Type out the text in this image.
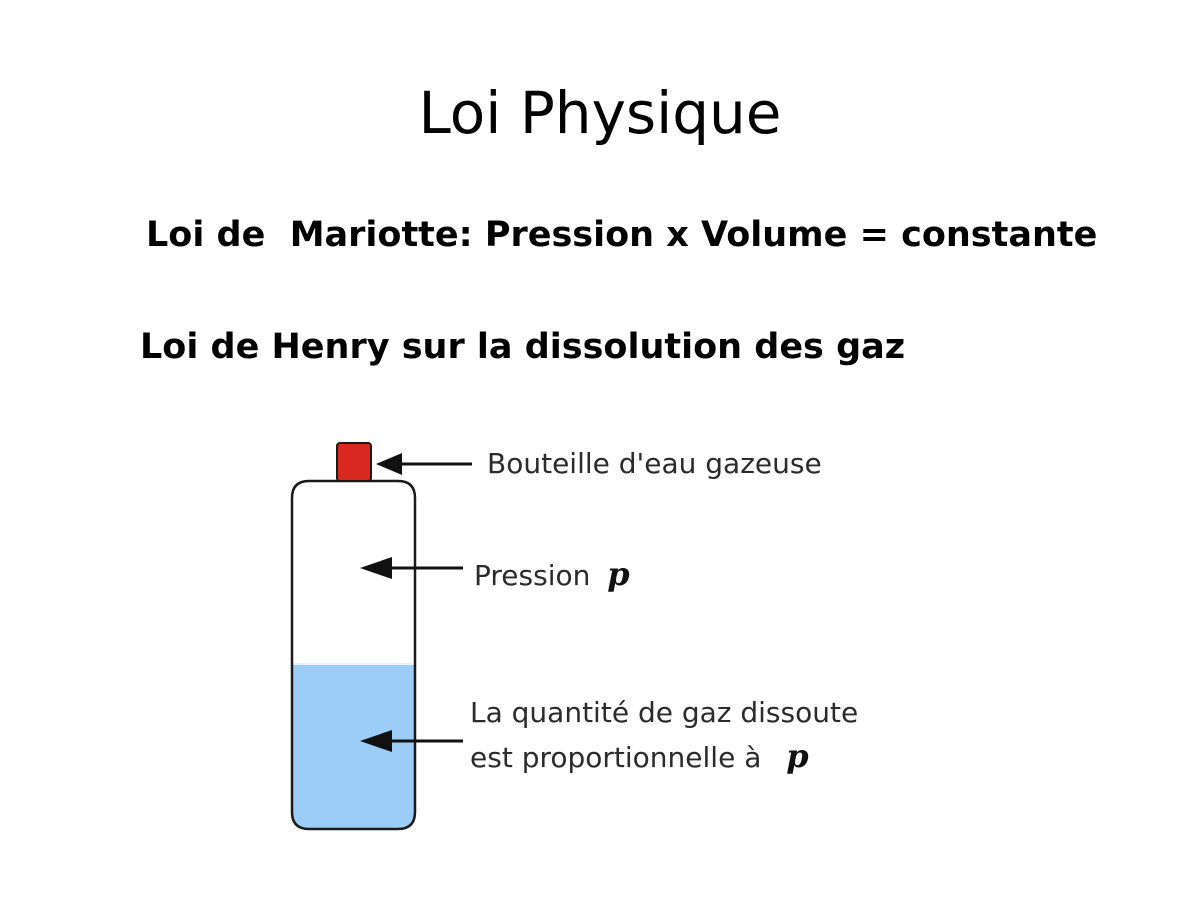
Loi Physique

Loi de  Mariotte: Pression x Volume = constante

Loi de Henry sur la dissolution des gaz

Bouteille d'eau gazeuse
Pression p
La quantité de gaz dissoute
est proportionnelle à p
